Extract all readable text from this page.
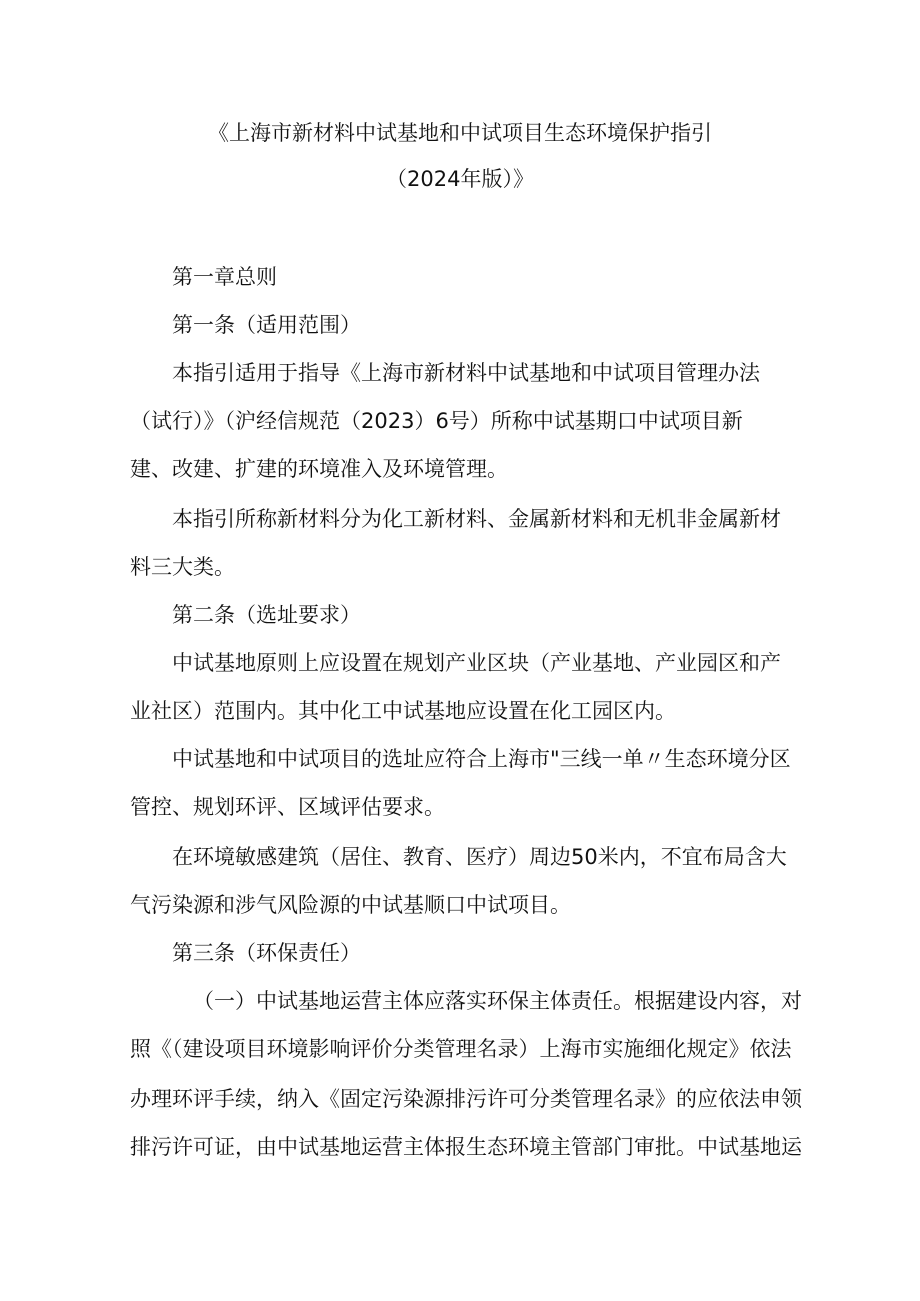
《上海市新材料中试基地和中试项目生态环境保护指引
（2024年版）》
第一章总则
第一条（适用范围）
本指引适用于指导《上海市新材料中试基地和中试项目管理办法
（试行）》（沪经信规范（2023）6号）所称中试基期口中试项目新
建、改建、扩建的环境准入及环境管理。
本指引所称新材料分为化工新材料、金属新材料和无机非金属新材
料三大类。
第二条（选址要求）
中试基地原则上应设置在规划产业区块（产业基地、产业园区和产
业社区）范围内。其中化工中试基地应设置在化工园区内。
中试基地和中试项目的选址应符合上海市"三线一单〃生态环境分区
管控、规划环评、区域评估要求。
在环境敏感建筑（居住、教育、医疗）周边50米内，不宜布局含大
气污染源和涉气风险源的中试基顺口中试项目。
第三条（环保责任）
（一）中试基地运营主体应落实环保主体责任。根据建设内容，对
照《（建设项目环境影响评价分类管理名录）上海市实施细化规定》依法
办理环评手续，纳入《固定污染源排污许可分类管理名录》的应依法申领
排污许可证，由中试基地运营主体报生态环境主管部门审批。中试基地运
